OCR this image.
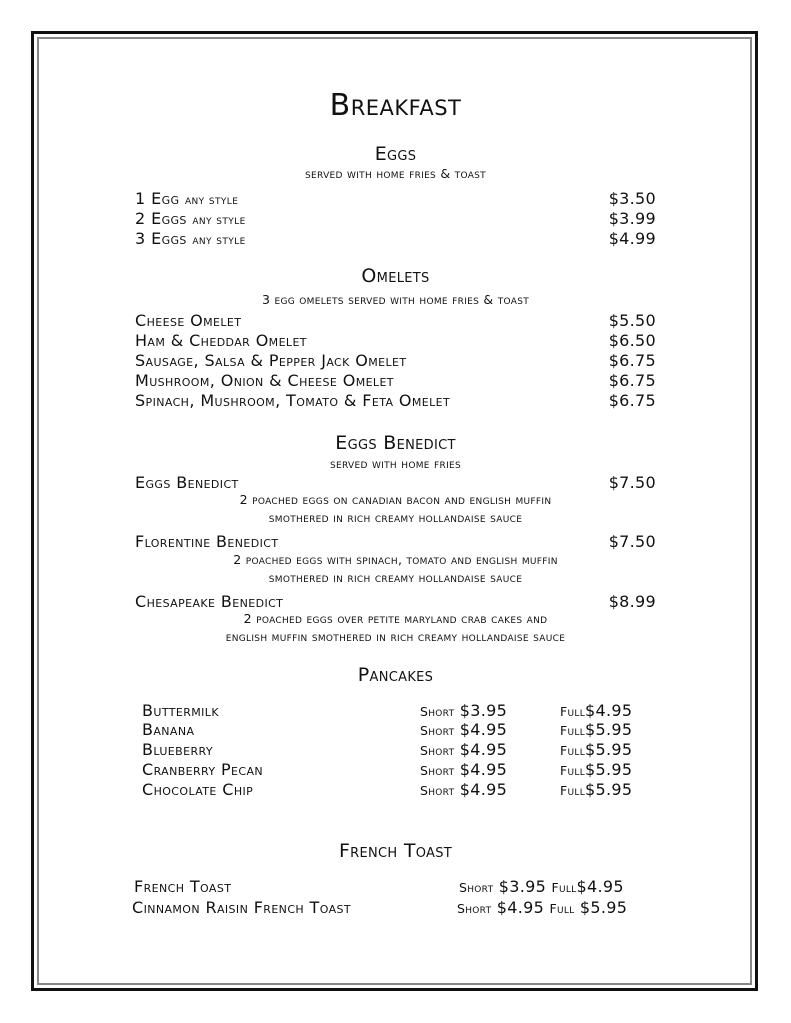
Breakfast
Eggs
served with home fries & toast
1 Egg any style	$3.50
2 Eggs any style	$3.99
3 Eggs any style	$4.99
Omelets
3 egg omelets served with home fries & toast
Cheese Omelet	$5.50
Ham & Cheddar Omelet	$6.50
Sausage, Salsa & Pepper Jack Omelet	$6.75
Mushroom, Onion & Cheese Omelet	$6.75
Spinach, Mushroom, Tomato & Feta Omelet	$6.75
Eggs Benedict
served with home fries
Eggs Benedict	$7.50
2 poached eggs on canadian bacon and english muffin
smothered in rich creamy hollandaise sauce
Florentine Benedict	$7.50
2 poached eggs with spinach, tomato and english muffin
smothered in rich creamy hollandaise sauce
Chesapeake Benedict	$8.99
2 poached eggs over petite maryland crab cakes and
english muffin smothered in rich creamy hollandaise sauce
Pancakes
Buttermilk	Short $3.95	Full$4.95
Banana	Short $4.95	Full$5.95
Blueberry	Short $4.95	Full$5.95
Cranberry Pecan	Short $4.95	Full$5.95
Chocolate Chip	Short $4.95	Full$5.95
French Toast
French Toast	Short $3.95 Full$4.95
Cinnamon Raisin French Toast	Short $4.95 Full $5.95
